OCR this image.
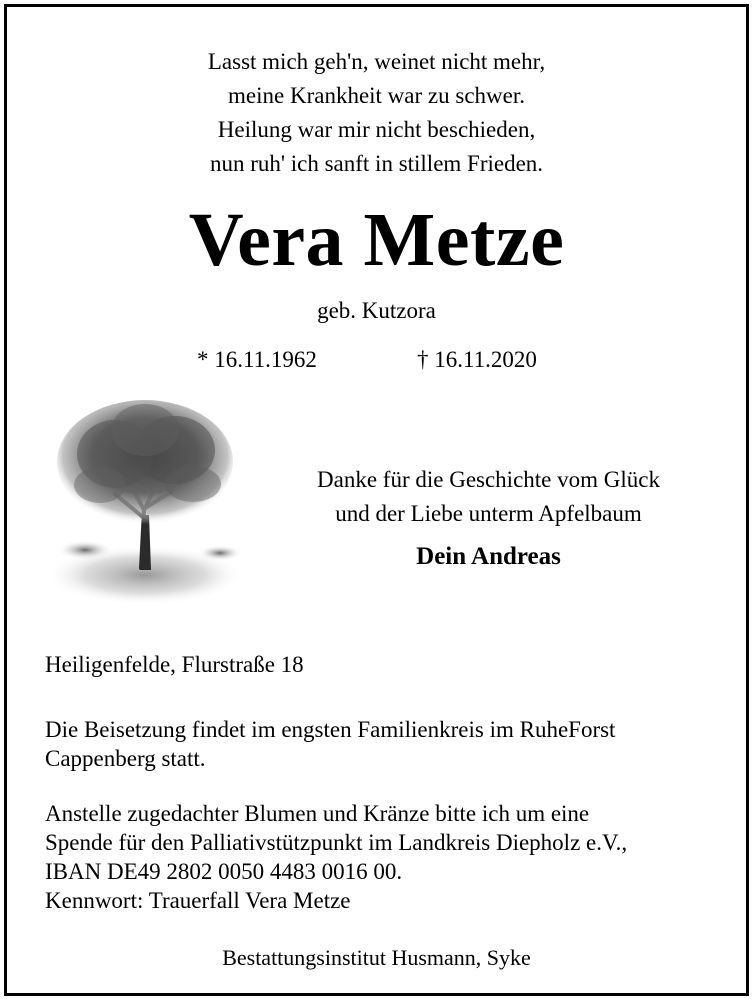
Lasst mich geh'n, weinet nicht mehr,
meine Krankheit war zu schwer.
Heilung war mir nicht beschieden,
nun ruh' ich sanft in stillem Frieden.
Vera Metze
geb. Kutzora
* 16.11.1962	† 16.11.2020
Danke für die Geschichte vom Glück
und der Liebe unterm Apfelbaum
Dein Andreas
Heiligenfelde, Flurstraße 18
Die Beisetzung findet im engsten Familienkreis im RuheForst
Cappenberg statt.
Anstelle zugedachter Blumen und Kränze bitte ich um eine
Spende für den Palliativstützpunkt im Landkreis Diepholz e.V.,
IBAN DE49 2802 0050 4483 0016 00.
Kennwort: Trauerfall Vera Metze
Bestattungsinstitut Husmann, Syke
